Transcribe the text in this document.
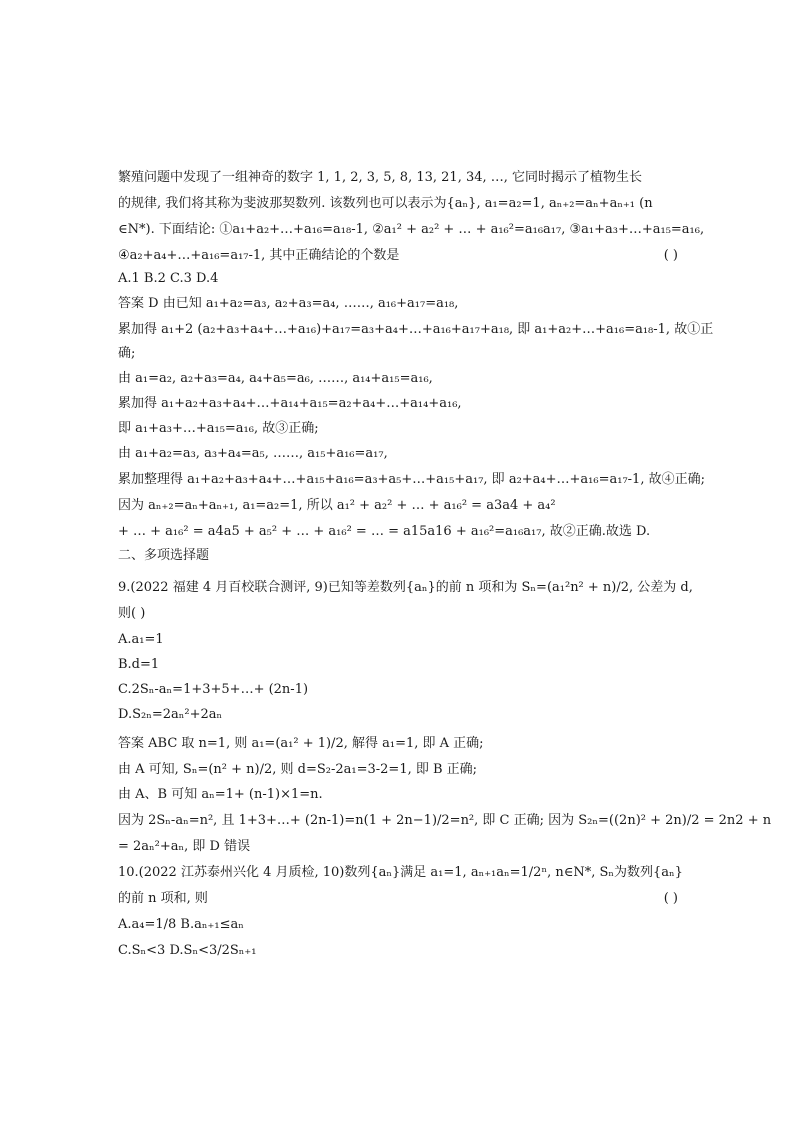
繁殖问题中发现了一组神奇的数字 1, 1, 2, 3, 5, 8, 13, 21, 34, …, 它同时揭示了植物生长

的规律, 我们将其称为斐波那契数列. 该数列也可以表示为{aₙ}, a₁=a₂=1, aₙ₊₂=aₙ+aₙ₊₁ (n

∈N*). 下面结论: ①a₁+a₂+…+a₁₆=a₁₈-1, ②a₁² + a₂² + … + a₁₆²=a₁₆a₁₇, ③a₁+a₃+…+a₁₅=a₁₆,

④a₂+a₄+…+a₁₆=a₁₇-1, 其中正确结论的个数是	( )

A.1 B.2 C.3 D.4

答案 D 由已知 a₁+a₂=a₃, a₂+a₃=a₄, ……, a₁₆+a₁₇=a₁₈,

累加得 a₁+2 (a₂+a₃+a₄+…+a₁₆)+a₁₇=a₃+a₄+…+a₁₆+a₁₇+a₁₈, 即 a₁+a₂+…+a₁₆=a₁₈-1, 故①正

确;

由 a₁=a₂, a₂+a₃=a₄, a₄+a₅=a₆, ……, a₁₄+a₁₅=a₁₆,

累加得 a₁+a₂+a₃+a₄+…+a₁₄+a₁₅=a₂+a₄+…+a₁₄+a₁₆,

即 a₁+a₃+…+a₁₅=a₁₆, 故③正确;

由 a₁+a₂=a₃, a₃+a₄=a₅, ……, a₁₅+a₁₆=a₁₇,

累加整理得 a₁+a₂+a₃+a₄+…+a₁₅+a₁₆=a₃+a₅+…+a₁₅+a₁₇, 即 a₂+a₄+…+a₁₆=a₁₇-1, 故④正确;

因为 aₙ₊₂=aₙ+aₙ₊₁, a₁=a₂=1, 所以 a₁² + a₂² + … + a₁₆² = a3a4 + a₄²

+ … + a₁₆² = a4a5 + a₅² + … + a₁₆² = … = a15a16 + a₁₆²=a₁₆a₁₇, 故②正确.故选 D.

二、多项选择题

9.(2022 福建 4 月百校联合测评, 9)已知等差数列{aₙ}的前 n 项和为 Sₙ=(a₁²n² + n)/2, 公差为 d,

则( )

A.a₁=1

B.d=1

C.2Sₙ-aₙ=1+3+5+…+ (2n-1)

D.S₂ₙ=2aₙ²+2aₙ

答案 ABC 取 n=1, 则 a₁=(a₁² + 1)/2, 解得 a₁=1, 即 A 正确;

由 A 可知, Sₙ=(n² + n)/2, 则 d=S₂-2a₁=3-2=1, 即 B 正确;

由 A、B 可知 aₙ=1+ (n-1)×1=n.

因为 2Sₙ-aₙ=n², 且 1+3+…+ (2n-1)=n(1 + 2n−1)/2=n², 即 C 正确; 因为 S₂ₙ=((2n)² + 2n)/2 = 2n2 + n

= 2aₙ²+aₙ, 即 D 错误

10.(2022 江苏泰州兴化 4 月质检, 10)数列{aₙ}满足 a₁=1, aₙ₊₁aₙ=1/2ⁿ, n∈N*, Sₙ为数列{aₙ}

的前 n 项和, 则	( )

A.a₄=1/8 B.aₙ₊₁≤aₙ

C.Sₙ<3 D.Sₙ<3/2Sₙ₊₁
